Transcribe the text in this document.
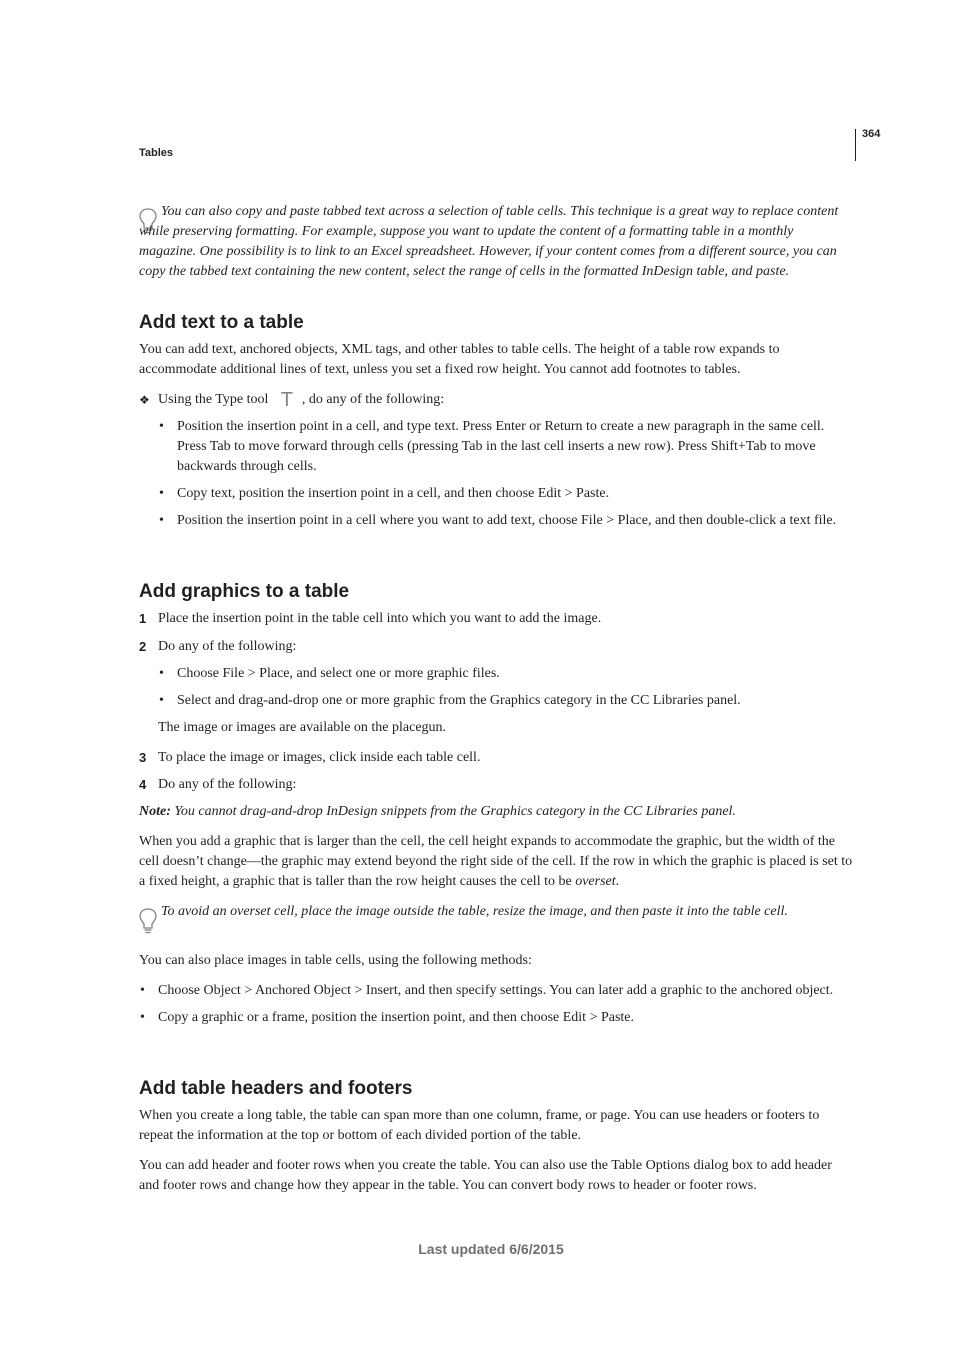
364
Tables
You can also copy and paste tabbed text across a selection of table cells. This technique is a great way to replace content while preserving formatting. For example, suppose you want to update the content of a formatting table in a monthly magazine. One possibility is to link to an Excel spreadsheet. However, if your content comes from a different source, you can copy the tabbed text containing the new content, select the range of cells in the formatted InDesign table, and paste.
Add text to a table
You can add text, anchored objects, XML tags, and other tables to table cells. The height of a table row expands to accommodate additional lines of text, unless you set a fixed row height. You cannot add footnotes to tables.
❖ Using the Type tool T , do any of the following:
• Position the insertion point in a cell, and type text. Press Enter or Return to create a new paragraph in the same cell. Press Tab to move forward through cells (pressing Tab in the last cell inserts a new row). Press Shift+Tab to move backwards through cells.
• Copy text, position the insertion point in a cell, and then choose Edit > Paste.
• Position the insertion point in a cell where you want to add text, choose File > Place, and then double-click a text file.
Add graphics to a table
1 Place the insertion point in the table cell into which you want to add the image.
2 Do any of the following:
• Choose File > Place, and select one or more graphic files.
• Select and drag-and-drop one or more graphic from the Graphics category in the CC Libraries panel.
The image or images are available on the placegun.
3 To place the image or images, click inside each table cell.
4 Do any of the following:
Note: You cannot drag-and-drop InDesign snippets from the Graphics category in the CC Libraries panel.
When you add a graphic that is larger than the cell, the cell height expands to accommodate the graphic, but the width of the cell doesn’t change—the graphic may extend beyond the right side of the cell. If the row in which the graphic is placed is set to a fixed height, a graphic that is taller than the row height causes the cell to be overset.
To avoid an overset cell, place the image outside the table, resize the image, and then paste it into the table cell.
You can also place images in table cells, using the following methods:
• Choose Object > Anchored Object > Insert, and then specify settings. You can later add a graphic to the anchored object.
• Copy a graphic or a frame, position the insertion point, and then choose Edit > Paste.
Add table headers and footers
When you create a long table, the table can span more than one column, frame, or page. You can use headers or footers to repeat the information at the top or bottom of each divided portion of the table.
You can add header and footer rows when you create the table. You can also use the Table Options dialog box to add header and footer rows and change how they appear in the table. You can convert body rows to header or footer rows.
Last updated 6/6/2015
